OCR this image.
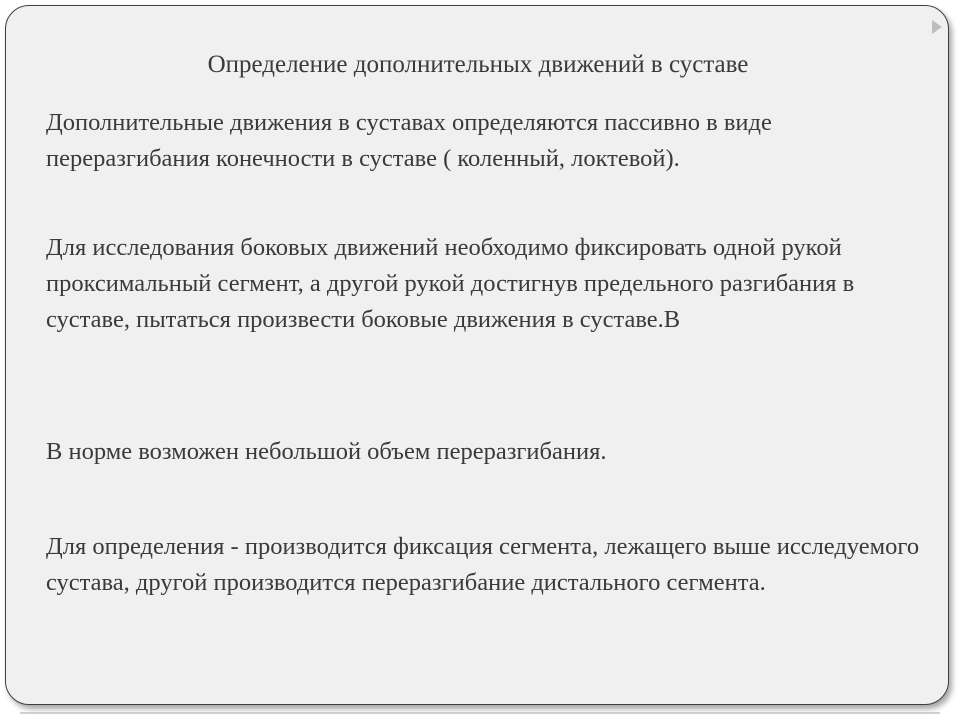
Определение дополнительных движений в суставе

Дополнительные движения в суставах определяются пассивно в виде переразгибания конечности в суставе ( коленный, локтевой).

Для исследования боковых движений необходимо фиксировать одной рукой проксимальный сегмент, а другой рукой достигнув предельного разгибания в суставе, пытаться произвести боковые движения в суставе.В

В норме возможен небольшой объем переразгибания.

Для определения - производится фиксация сегмента, лежащего выше исследуемого сустава, другой производится переразгибание дистального сегмента.
